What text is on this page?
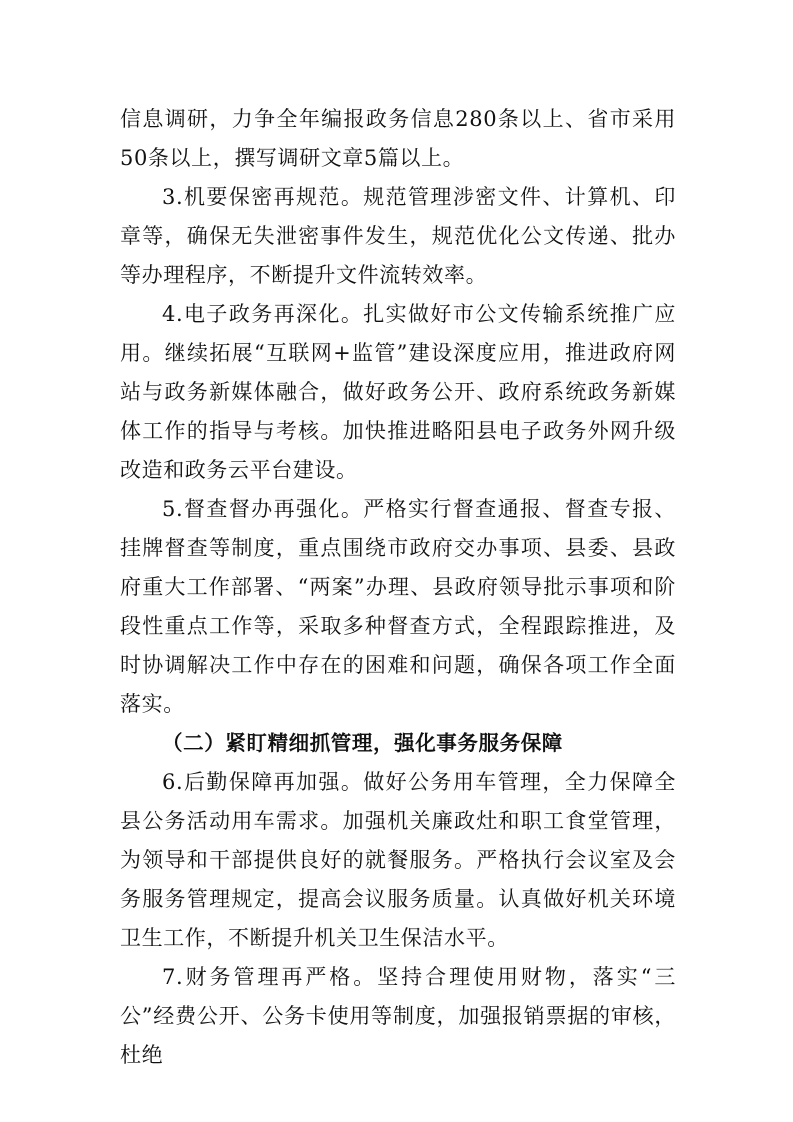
信息调研，力争全年编报政务信息280条以上、省市采用50条以上，撰写调研文章5篇以上。

3.机要保密再规范。规范管理涉密文件、计算机、印章等，确保无失泄密事件发生，规范优化公文传递、批办等办理程序，不断提升文件流转效率。

4.电子政务再深化。扎实做好市公文传输系统推广应用。继续拓展“互联网+监管”建设深度应用，推进政府网站与政务新媒体融合，做好政务公开、政府系统政务新媒体工作的指导与考核。加快推进略阳县电子政务外网升级改造和政务云平台建设。

5.督查督办再强化。严格实行督查通报、督查专报、挂牌督查等制度，重点围绕市政府交办事项、县委、县政府重大工作部署、“两案”办理、县政府领导批示事项和阶段性重点工作等，采取多种督查方式，全程跟踪推进，及时协调解决工作中存在的困难和问题，确保各项工作全面落实。

（二）紧盯精细抓管理，强化事务服务保障

6.后勤保障再加强。做好公务用车管理，全力保障全县公务活动用车需求。加强机关廉政灶和职工食堂管理，为领导和干部提供良好的就餐服务。严格执行会议室及会务服务管理规定，提高会议服务质量。认真做好机关环境卫生工作，不断提升机关卫生保洁水平。

7.财务管理再严格。坚持合理使用财物，落实“三公”经费公开、公务卡使用等制度，加强报销票据的审核，杜绝
